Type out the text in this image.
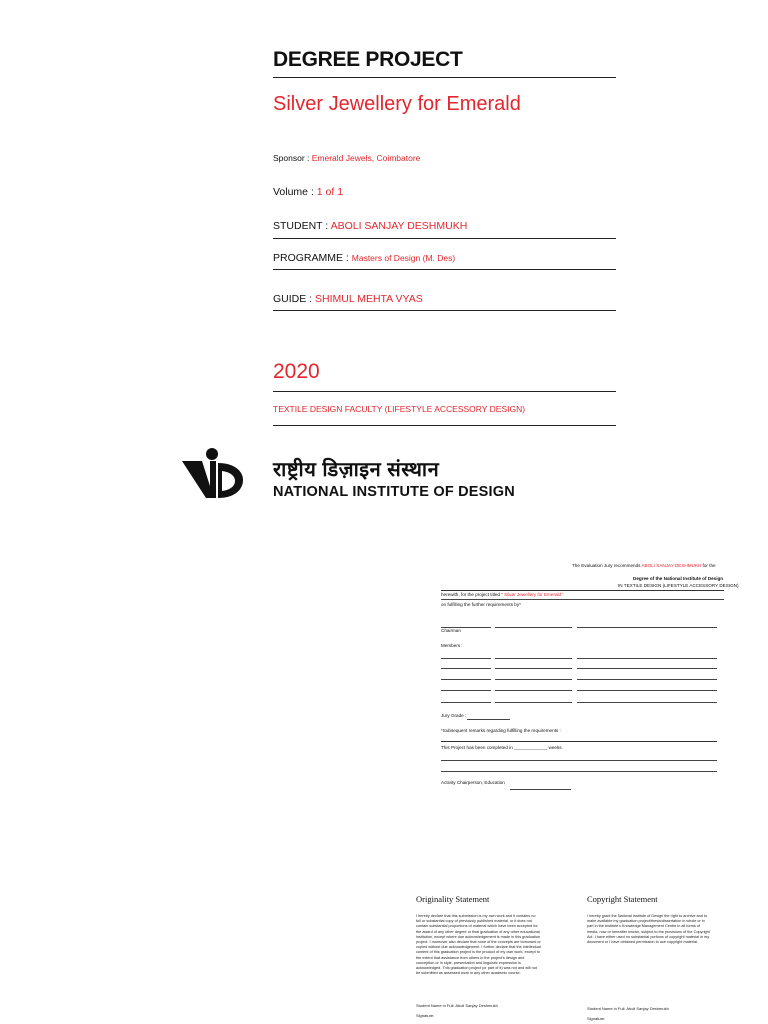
DEGREE PROJECT
Silver Jewellery for Emerald
Sponsor : Emerald Jewels, Coimbatore
Volume : 1 of 1
STUDENT : ABOLI SANJAY DESHMUKH
PROGRAMME : Masters of Design (M. Des)
GUIDE : SHIMUL MEHTA VYAS
2020
TEXTILE DESIGN FACULTY (LIFESTYLE ACCESSORY DESIGN)
राष्ट्रीय डिज़ाइन संस्थान
NATIONAL INSTITUTE OF DESIGN
The Evaluation Jury recommends ABOLI SANJAY DESHMUKH for the
Degree of the National Institute of Design
IN TEXTILE DESIGN (LIFESTYLE ACCESSORY DESIGN)
herewith, for the project titled " Silver Jewellery for Emerald"
on fulfilling the further requirements by*
Chairman
Members :
Jury Grade :
*Subsequent remarks regarding fulfilling the requirements :
This Project has been completed in _____________ weeks.
Activity Chairperson, Education
Originality Statement
I hereby declare that this submission is my own work and it contains no full or substantial copy of previously published material, or it does not contain substantial proportions of material which have been accepted for the award of any other degree or final graduation of any other educational institution, except where due acknowledgement is made in this graduation project. I moreover also declare that none of the concepts are borrowed or copied without due acknowledgement. I further declare that the intellectual content of this graduation project is the product of my own work, except to the extent that assistance from others in the project's design and conception or in style, presentation and linguistic expression is acknowledged. This graduation project (or part of it) was not and will not be submitted as assessed work in any other academic course.
Student Name in Full: Aboli Sanjay Deshmukh
Signature:
Copyright Statement
I hereby grant the National Institute of Design the right to archive and to make available my graduation project/thesis/dissertation in whole or in part in the Institute's Knowledge Management Centre in all forms of media, now or hereafter known, subject to the provisions of the Copyright Act. I have either used no substantial portions of copyright material in my document or I have obtained permission to use copyright material.
Student Name in Full: Aboli Sanjay Deshmukh
Signature:
